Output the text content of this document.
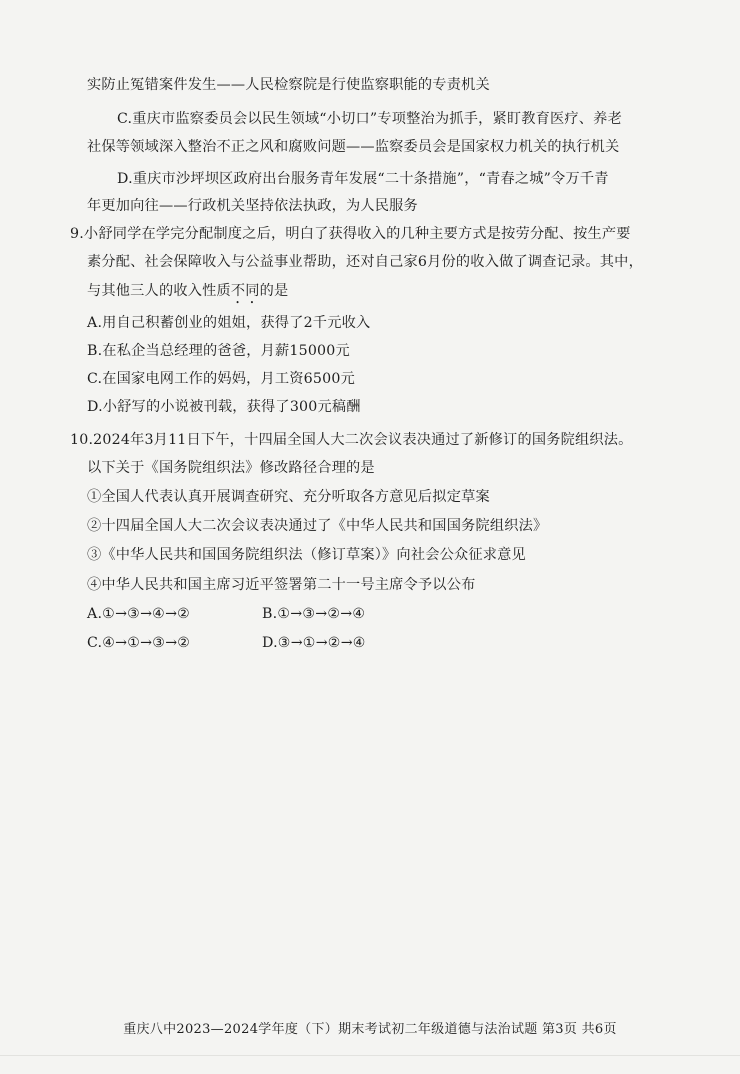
实防止冤错案件发生——人民检察院是行使监察职能的专责机关
C.重庆市监察委员会以民生领域“小切口”专项整治为抓手，紧盯教育医疗、养老
社保等领域深入整治不正之风和腐败问题——监察委员会是国家权力机关的执行机关
D.重庆市沙坪坝区政府出台服务青年发展“二十条措施”，“青春之城”令万千青
年更加向往——行政机关坚持依法执政，为人民服务
9.小舒同学在学完分配制度之后，明白了获得收入的几种主要方式是按劳分配、按生产要
素分配、社会保障收入与公益事业帮助，还对自己家6月份的收入做了调查记录。其中，
与其他三人的收入性质不同的是
A.用自己积蓄创业的姐姐，获得了2千元收入
B.在私企当总经理的爸爸，月薪15000元
C.在国家电网工作的妈妈，月工资6500元
D.小舒写的小说被刊载，获得了300元稿酬
10.2024年3月11日下午，十四届全国人大二次会议表决通过了新修订的国务院组织法。
以下关于《国务院组织法》修改路径合理的是
①全国人代表认真开展调查研究、充分听取各方意见后拟定草案
②十四届全国人大二次会议表决通过了《中华人民共和国国务院组织法》
③《中华人民共和国国务院组织法（修订草案）》向社会公众征求意见
④中华人民共和国主席习近平签署第二十一号主席令予以公布
A.①→③→④→②	B.①→③→②→④
C.④→①→③→②	D.③→①→②→④
重庆八中2023—2024学年度（下）期末考试初二年级道德与法治试题 第3页 共6页
